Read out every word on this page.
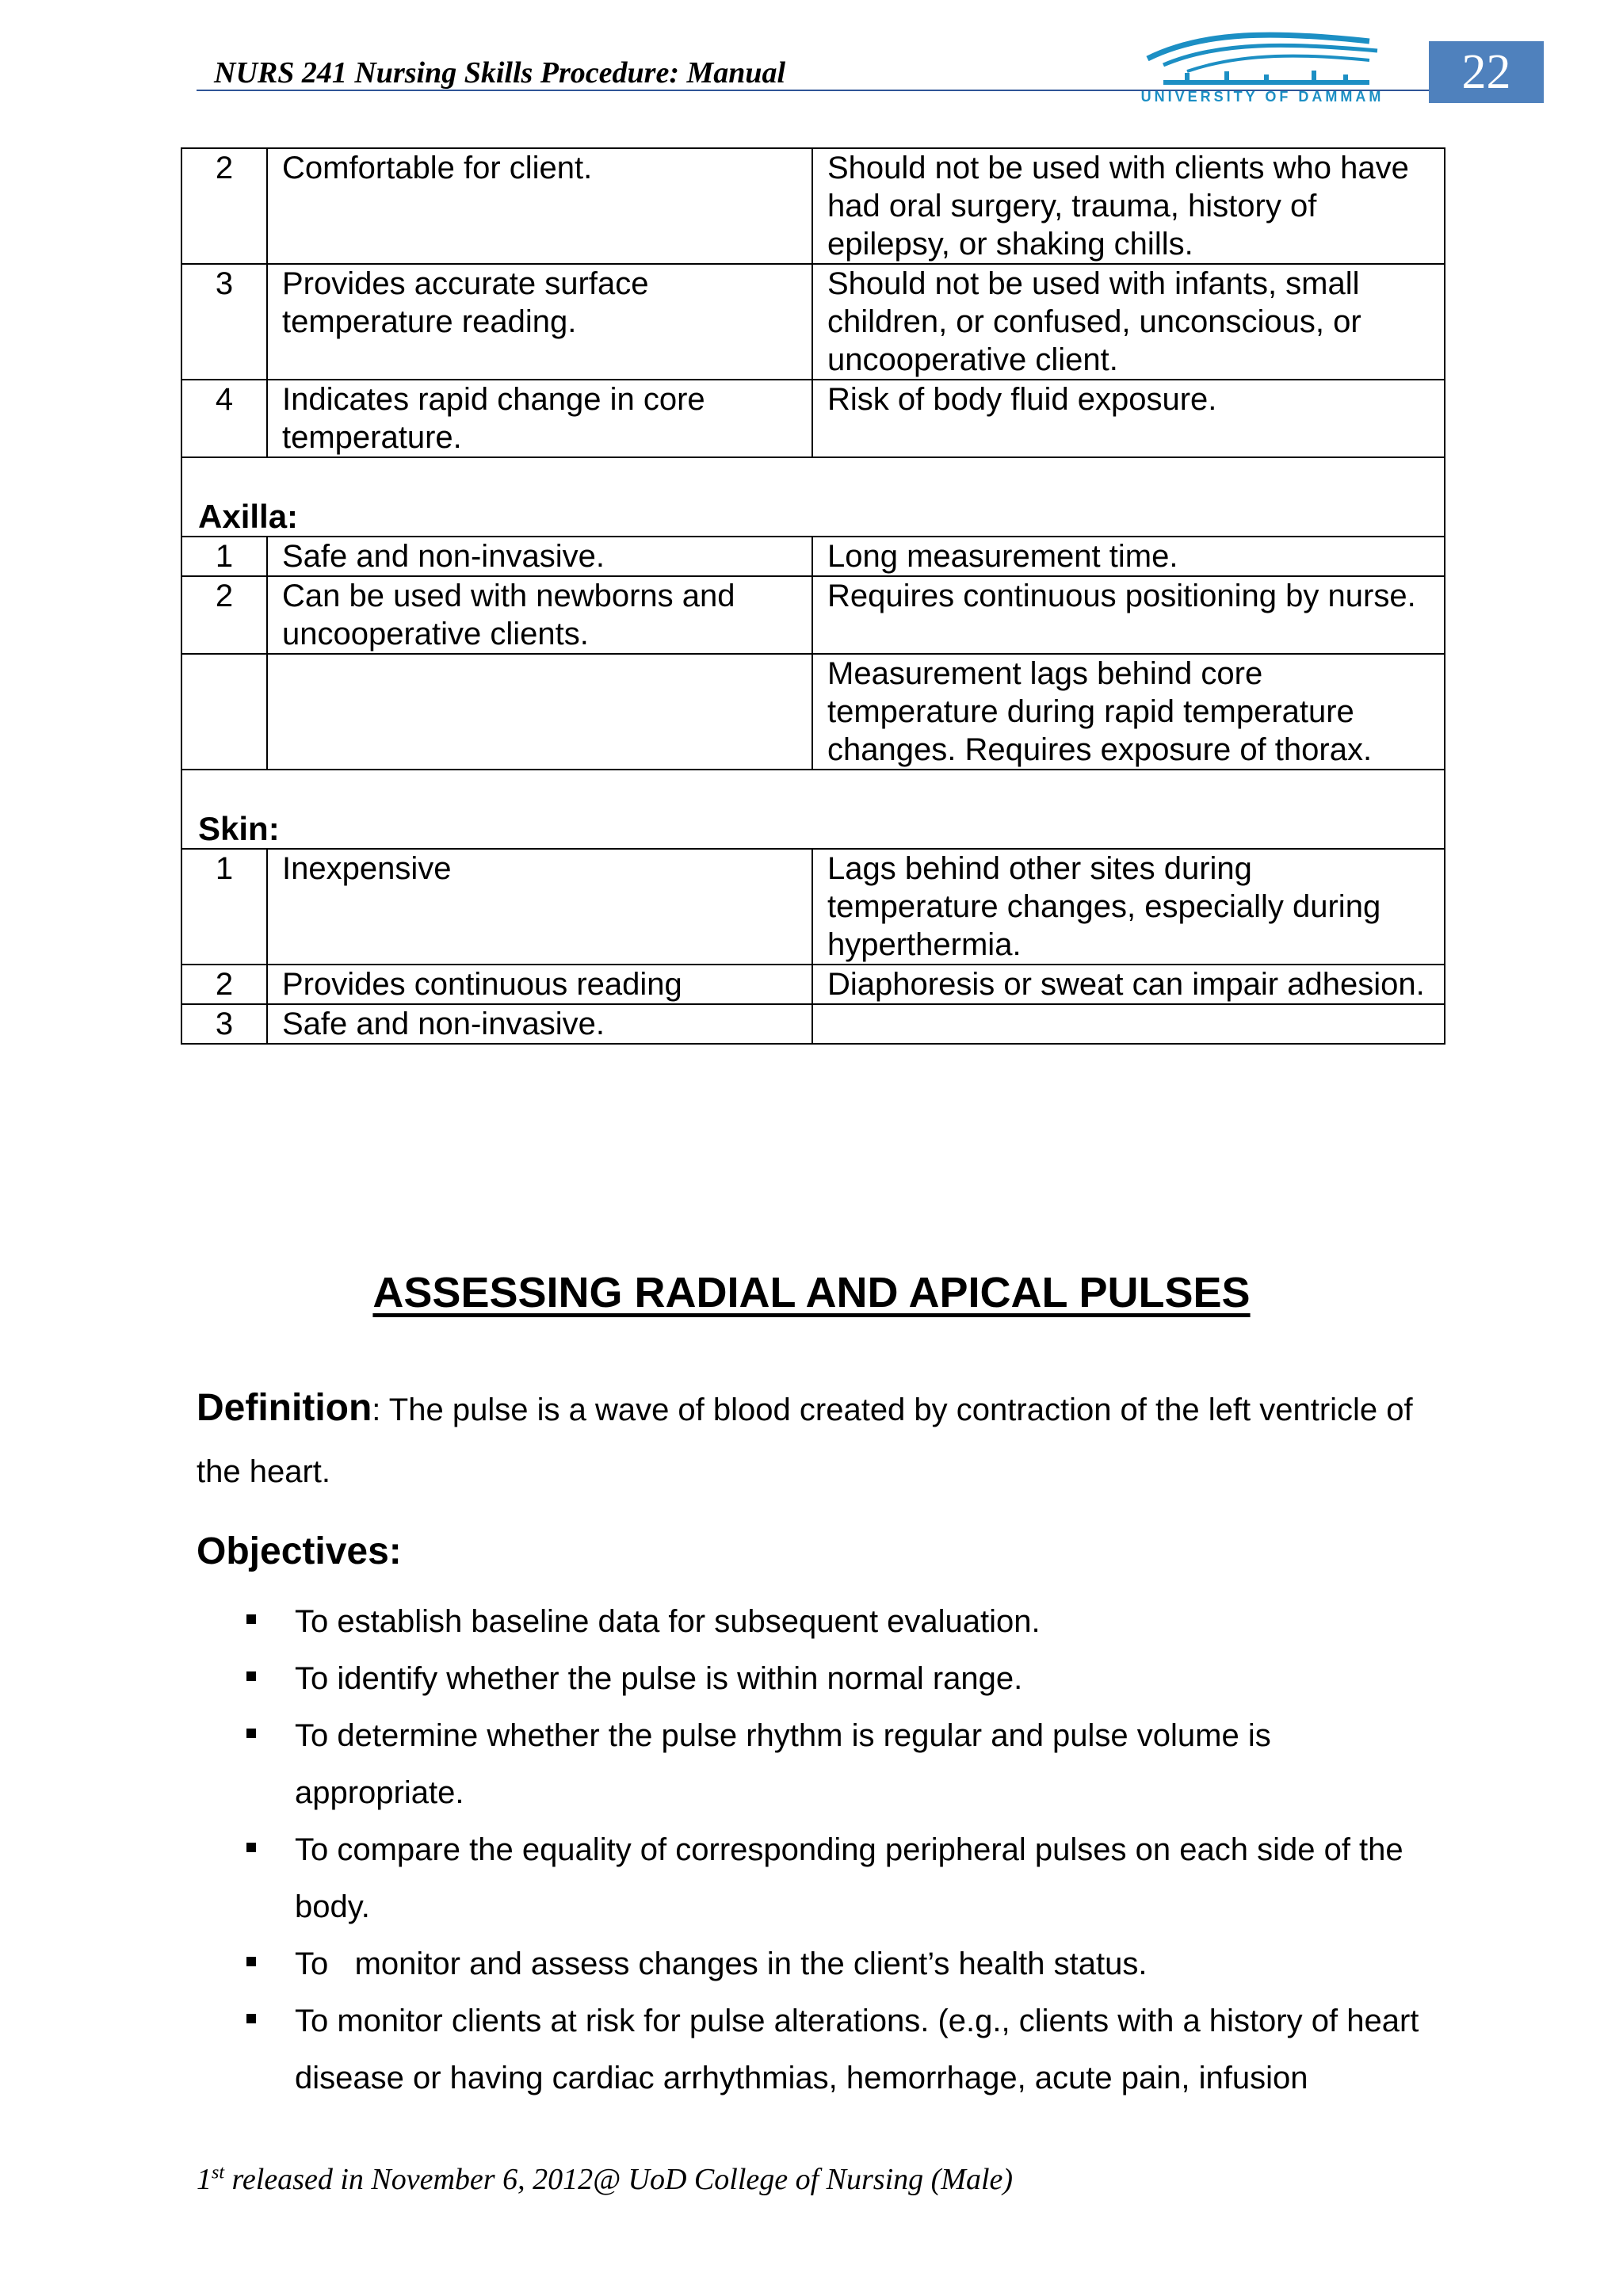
NURS 241 Nursing Skills Procedure: Manual
UNIVERSITY OF DAMMAM	22
2	Comfortable for client.	Should not be used with clients who have had oral surgery, trauma, history of epilepsy, or shaking chills.
3	Provides accurate surface temperature reading.	Should not be used with infants, small children, or confused, unconscious, or uncooperative client.
4	Indicates rapid change in core temperature.	Risk of body fluid exposure.
Axilla:		
1	Safe and non-invasive.	Long measurement time.
2	Can be used with newborns and uncooperative clients.	Requires continuous positioning by nurse.
		Measurement lags behind core temperature during rapid temperature changes. Requires exposure of thorax.
Skin:		
1	Inexpensive	Lags behind other sites during temperature changes, especially during hyperthermia.
2	Provides continuous reading	Diaphoresis or sweat can impair adhesion.
3	Safe and non-invasive.	
ASSESSING RADIAL AND APICAL PULSES
Definition: The pulse is a wave of blood created by contraction of the left ventricle of the heart.
Objectives:
To establish baseline data for subsequent evaluation.
To identify whether the pulse is within normal range.
To determine whether the pulse rhythm is regular and pulse volume is appropriate.
To compare the equality of corresponding peripheral pulses on each side of the body.
To   monitor and assess changes in the client’s health status.
To monitor clients at risk for pulse alterations. (e.g., clients with a history of heart disease or having cardiac arrhythmias, hemorrhage, acute pain, infusion
1st released in November 6, 2012@ UoD College of Nursing (Male)
